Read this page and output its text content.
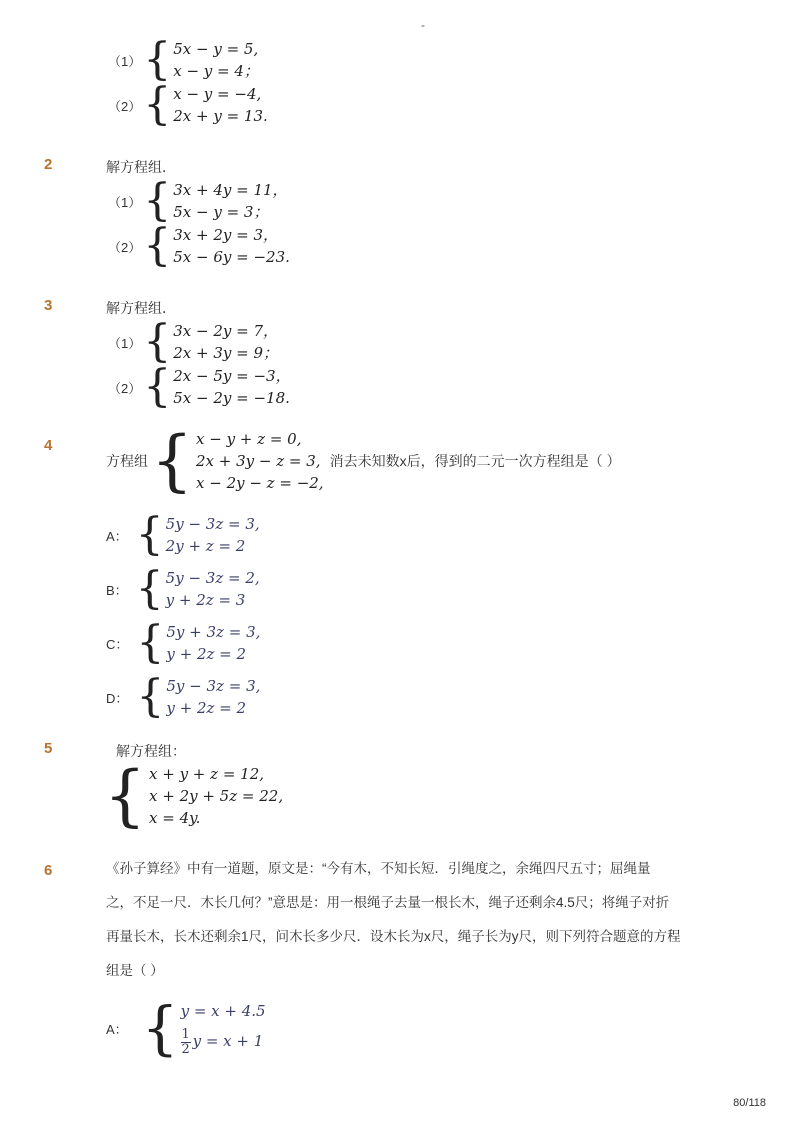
-
（1） { 5x − y = 5,
x − y = 4；
（2） { x − y = −4,
2x + y = 13.
2	解方程组．
（1） { 3x + 4y = 11，
5x − y = 3；
（2） { 3x + 2y = 3，
5x − 6y = −23.
3	解方程组．
（1） { 3x − 2y = 7，
2x + 3y = 9；
（2） { 2x − 5y = −3，
5x − 2y = −18.
4
方程组 { x − y + z = 0,
2x + 3y − z = 3,
x − 2y − z = −2,
消去未知数x后，得到的二元一次方程组是（ ）
A： { 5y − 3z = 3,
2y + z = 2
B： { 5y − 3z = 2,
y + 2z = 3
C： { 5y + 3z = 3,
y + 2z = 2
D： { 5y − 3z = 3,
y + 2z = 2
5	解方程组：
{ x + y + z = 12,
x + 2y + 5z = 22,
x = 4y.
6	《孙子算经》中有一道题，原文是：“今有木，不知长短．引绳度之，余绳四尺五寸；屈绳量
之，不足一尺．木长几何？”意思是：用一根绳子去量一根长木，绳子还剩余4.5尺；将绳子对折
再量长木，长木还剩余1尺，问木长多少尺．设木长为x尺，绳子长为y尺，则下列符合题意的方程
组是（ ）
A： { y = x + 4.5
$\frac{1}{2}$ y = x + 1
80/118
